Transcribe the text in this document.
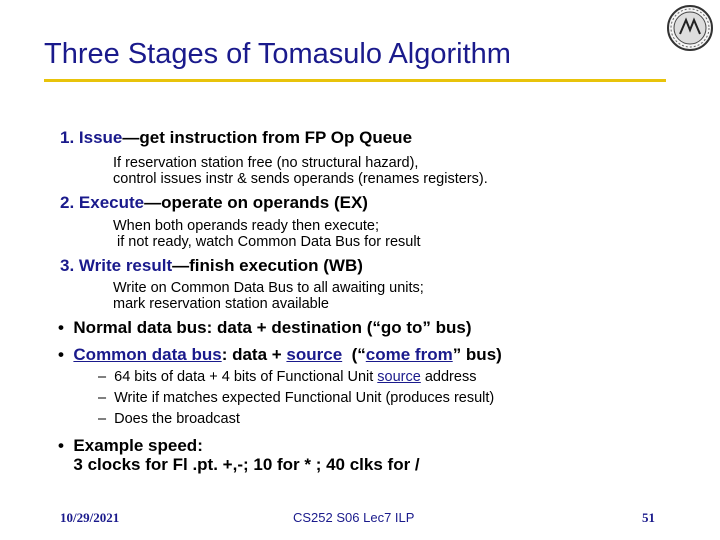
Three Stages of Tomasulo Algorithm
1. Issue—get instruction from FP Op Queue
If reservation station free (no structural hazard),
control issues instr & sends operands (renames registers).
2. Execute—operate on operands (EX)
When both operands ready then execute;
if not ready, watch Common Data Bus for result
3. Write result—finish execution (WB)
Write on Common Data Bus to all awaiting units;
mark reservation station available
•  Normal data bus: data + destination (“go to” bus)
•  Common data bus: data + source  (“come from” bus)
–  64 bits of data + 4 bits of Functional Unit source address
–  Write if matches expected Functional Unit (produces result)
–  Does the broadcast
• Example speed:
3 clocks for Fl .pt. +,-; 10 for * ; 40 clks for /
10/29/2021	CS252 S06 Lec7 ILP	51
